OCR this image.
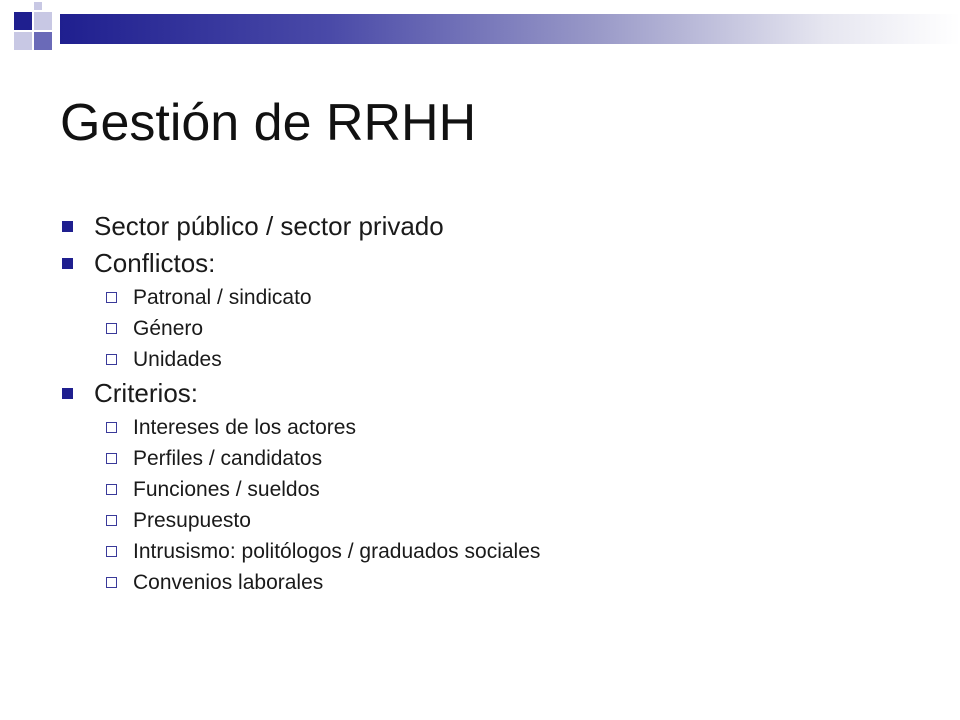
Gestión de RRHH
Sector público / sector privado
Conflictos:
Patronal / sindicato
Género
Unidades
Criterios:
Intereses de los actores
Perfiles / candidatos
Funciones / sueldos
Presupuesto
Intrusismo: politólogos / graduados sociales
Convenios laborales
